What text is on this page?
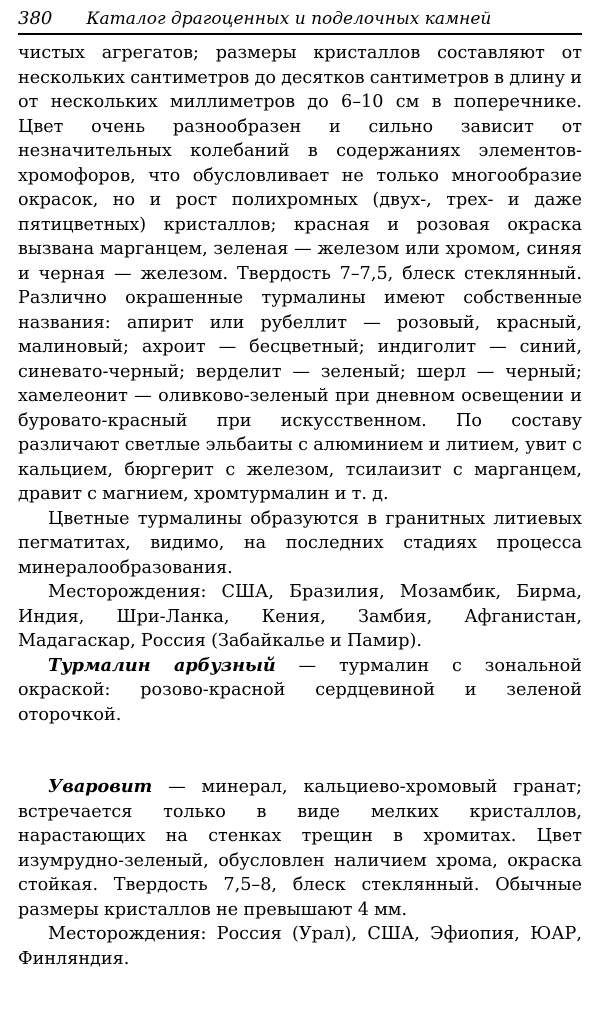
380 Каталог драгоценных и поделочных камней

чистых агрегатов; размеры кристаллов составляют от нескольких сантиметров до десятков сантиметров в длину и от нескольких миллиметров до 6–10 см в поперечнике. Цвет очень разнообразен и сильно зависит от незначительных колебаний в содержаниях элементов-хромофоров, что обусловливает не только многообразие окрасок, но и рост полихромных (двух-, трех- и даже пятицветных) кристаллов; красная и розовая окраска вызвана марганцем, зеленая — железом или хромом, синяя и черная — железом. Твердость 7–7,5, блеск стеклянный. Различно окрашенные турмалины имеют собственные названия: апирит или рубеллит — розовый, красный, малиновый; ахроит — бесцветный; индиголит — синий, синевато-черный; верделит — зеленый; шерл — черный; хамелеонит — оливково-зеленый при дневном освещении и буровато-красный при искусственном. По составу различают светлые эльбаиты с алюминием и литием, увит с кальцием, бюргерит с железом, тсилаизит с марганцем, дравит с магнием, хромтурмалин и т. д.

Цветные турмалины образуются в гранитных литиевых пегматитах, видимо, на последних стадиях процесса минералообразования.

Месторождения: США, Бразилия, Мозамбик, Бирма, Индия, Шри-Ланка, Кения, Замбия, Афганистан, Мадагаскар, Россия (Забайкалье и Памир).

Турмалин арбузный — турмалин с зональной окраской: розово-красной сердцевиной и зеленой оторочкой.

Уваровит — минерал, кальциево-хромовый гранат; встречается только в виде мелких кристаллов, нарастающих на стенках трещин в хромитах. Цвет изумрудно-зеленый, обусловлен наличием хрома, окраска стойкая. Твердость 7,5–8, блеск стеклянный. Обычные размеры кристаллов не превышают 4 мм.

Месторождения: Россия (Урал), США, Эфиопия, ЮАР, Финляндия.
